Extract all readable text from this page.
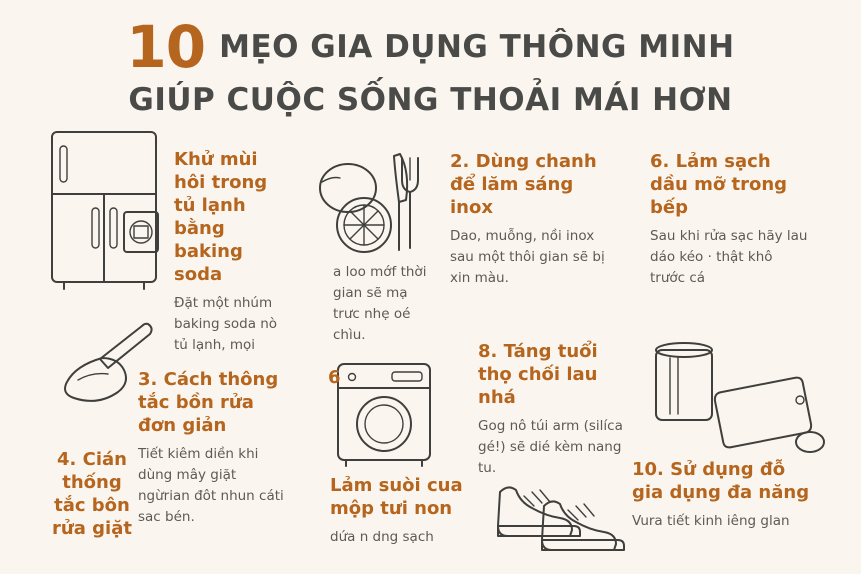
10 MẸO GIA DỤNG THÔNG MINH
GIÚP CUỘC SỐNG THOẢI MÁI HƠN
Khử mùi hôi trong tủ lạnh bằng baking soda
Đặt một nhúm baking soda nò tủ lạnh, mọi
a loo mớf thời gian sẽ mạ trưc nhẹ oé chìu.
2. Dùng chanh để lăm sáng inox
Dao, muỗng, nồi inox sau một thôi gian sẽ bị xin màu.
6. Lảm sạch dầu mỡ trong bếp
Sau khi rửa sạc hãy lau dáo kéo · thật khô trước cá
3. Cách thông tắc bồn rửa đơn giản
Tiết kiêm diền khi dùng mây giặt ngừrian đôt nhun cáti sac bén.
4. Cián thống tắc bôn rửa giặt
6
Lảm suòi cua mộp tưi non
dứa n dng sạch
8. Táng tuổi thọ chối lau nhá
Gog nô túi arm (silíca gé!) sẽ dié kèm nang tu.	10. Sử dụng đỗ gia dụng đa năng
Vura tiết kinh iêng glan
